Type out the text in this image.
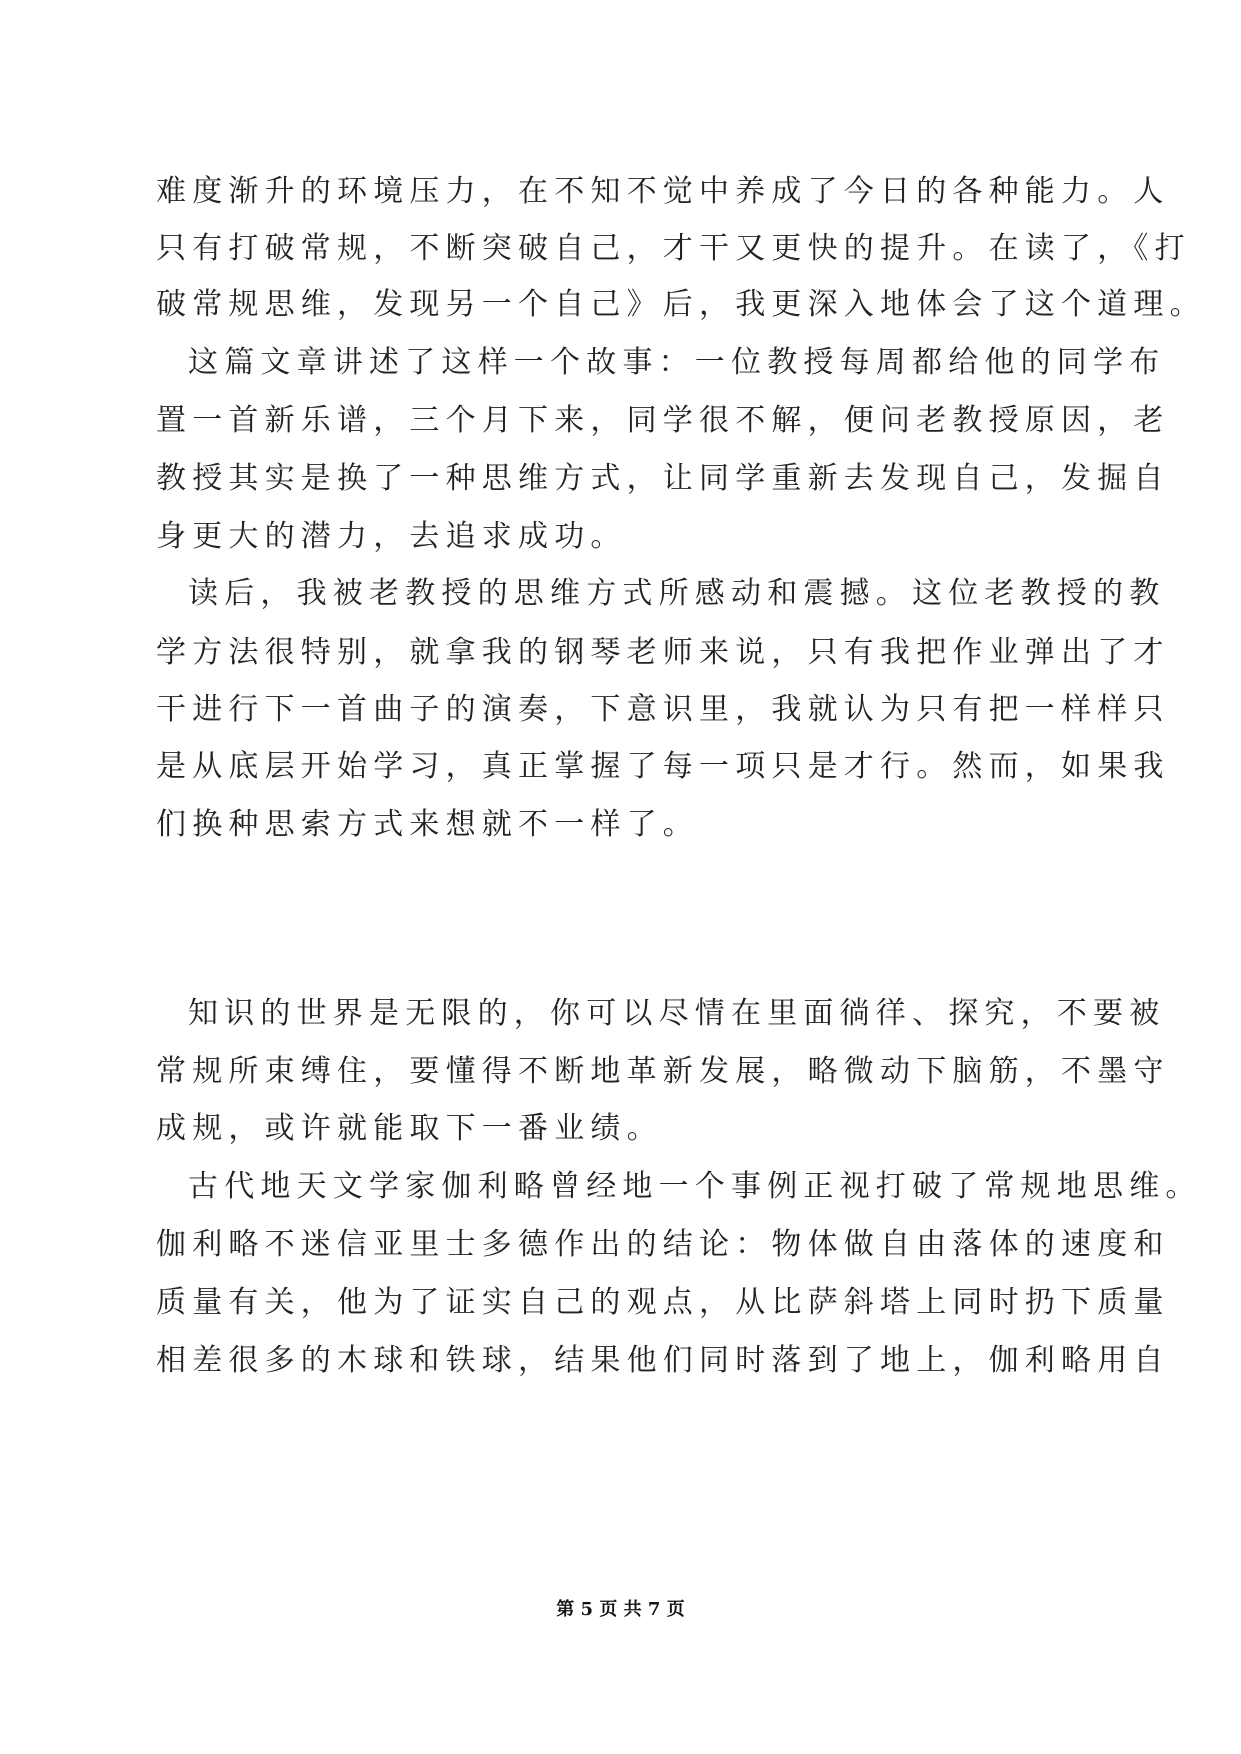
难度渐升的环境压力，在不知不觉中养成了今日的各种能力。人
只有打破常规，不断突破自己，才干又更快的提升。在读了，《打
破常规思维，发现另一个自己》后，我更深入地体会了这个道理。
这篇文章讲述了这样一个故事：一位教授每周都给他的同学布
置一首新乐谱，三个月下来，同学很不解，便问老教授原因，老
教授其实是换了一种思维方式，让同学重新去发现自己，发掘自
身更大的潜力，去追求成功。
读后，我被老教授的思维方式所感动和震撼。这位老教授的教
学方法很特别，就拿我的钢琴老师来说，只有我把作业弹出了才
干进行下一首曲子的演奏，下意识里，我就认为只有把一样样只
是从底层开始学习，真正掌握了每一项只是才行。然而，如果我
们换种思索方式来想就不一样了。
知识的世界是无限的，你可以尽情在里面徜徉、探究，不要被
常规所束缚住，要懂得不断地革新发展，略微动下脑筋，不墨守
成规，或许就能取下一番业绩。
古代地天文学家伽利略曾经地一个事例正视打破了常规地思维。
伽利略不迷信亚里士多德作出的结论：物体做自由落体的速度和
质量有关，他为了证实自己的观点，从比萨斜塔上同时扔下质量
相差很多的木球和铁球，结果他们同时落到了地上，伽利略用自
第 5 页 共 7 页
